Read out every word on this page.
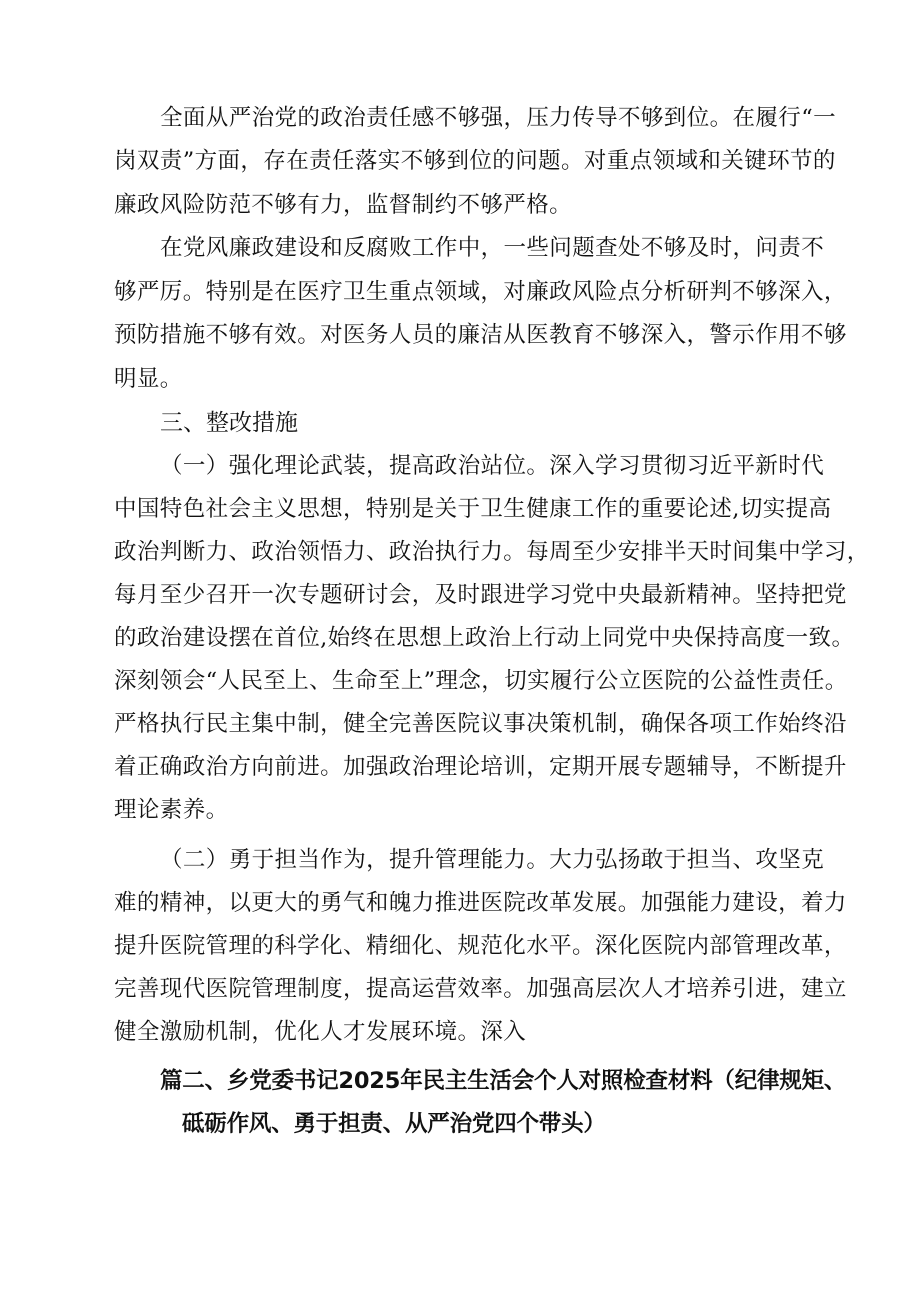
全面从严治党的政治责任感不够强，压力传导不够到位。在履行“一
岗双责”方面，存在责任落实不够到位的问题。对重点领域和关键环节的
廉政风险防范不够有力，监督制约不够严格。
在党风廉政建设和反腐败工作中，一些问题查处不够及时，问责不
够严厉。特别是在医疗卫生重点领域，对廉政风险点分析研判不够深入，
预防措施不够有效。对医务人员的廉洁从医教育不够深入，警示作用不够
明显。
三、整改措施
（一）强化理论武装，提高政治站位。深入学习贯彻习近平新时代
中国特色社会主义思想，特别是关于卫生健康工作的重要论述,切实提高
政治判断力、政治领悟力、政治执行力。每周至少安排半天时间集中学习，
每月至少召开一次专题研讨会，及时跟进学习党中央最新精神。坚持把党
的政治建设摆在首位,始终在思想上政治上行动上同党中央保持高度一致。
深刻领会“人民至上、生命至上”理念，切实履行公立医院的公益性责任。
严格执行民主集中制，健全完善医院议事决策机制，确保各项工作始终沿
着正确政治方向前进。加强政治理论培训，定期开展专题辅导，不断提升
理论素养。
（二）勇于担当作为，提升管理能力。大力弘扬敢于担当、攻坚克
难的精神，以更大的勇气和魄力推进医院改革发展。加强能力建设，着力
提升医院管理的科学化、精细化、规范化水平。深化医院内部管理改革，
完善现代医院管理制度，提高运营效率。加强高层次人才培养引进，建立
健全激励机制，优化人才发展环境。深入
篇二、乡党委书记2025年民主生活会个人对照检查材料（纪律规矩、
砥砺作风、勇于担责、从严治党四个带头）
